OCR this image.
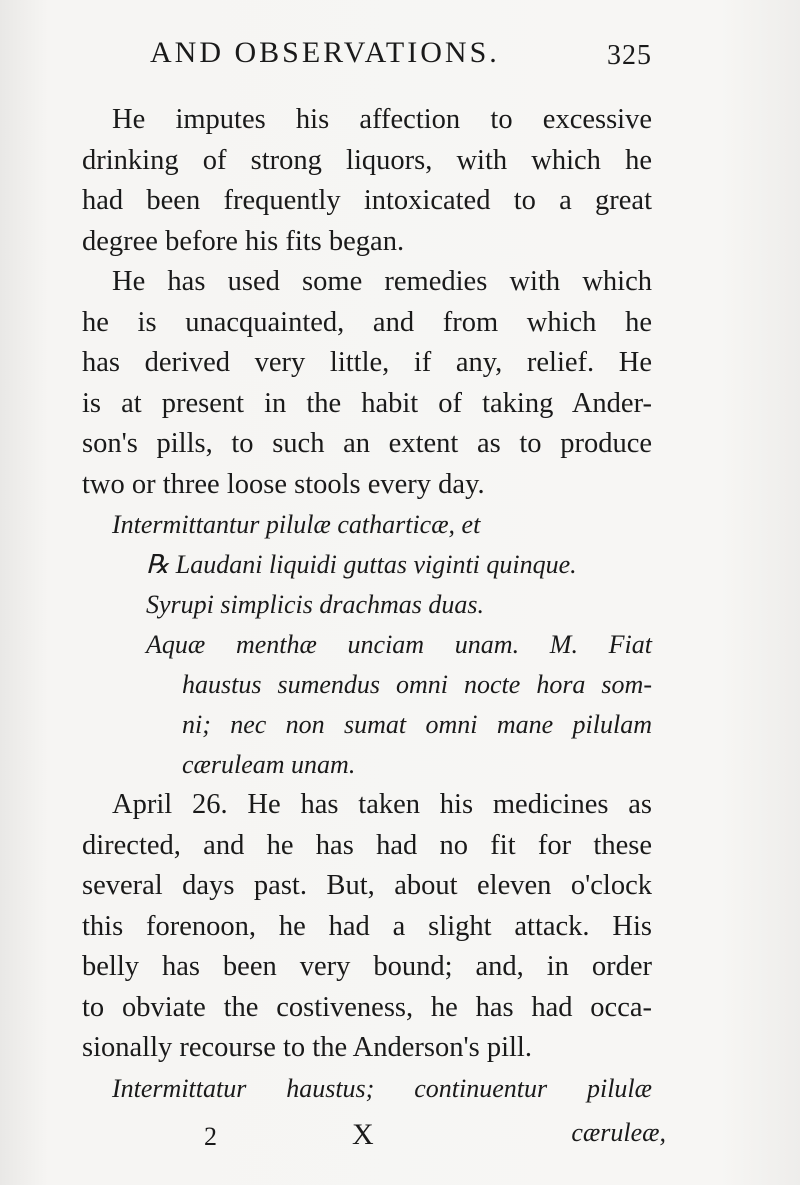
AND OBSERVATIONS.	325
He imputes his affection to excessive
drinking of strong liquors, with which he
had been frequently intoxicated to a great
degree before his fits began.
He has used some remedies with which
he is unacquainted, and from which he
has derived very little, if any, relief. He
is at present in the habit of taking Ander-
son's pills, to such an extent as to produce
two or three loose stools every day.
Intermittantur pilulæ catharticæ, et
℞ Laudani liquidi guttas viginti quinque.
Syrupi simplicis drachmas duas.
Aquæ menthæ unciam unam. M. Fiat
haustus sumendus omni nocte hora som-
ni; nec non sumat omni mane pilulam
cæruleam unam.
April 26. He has taken his medicines as
directed, and he has had no fit for these
several days past. But, about eleven o'clock
this forenoon, he had a slight attack. His
belly has been very bound; and, in order
to obviate the costiveness, he has had occa-
sionally recourse to the Anderson's pill.
Intermittatur haustus; continuentur pilulæ
2	X	cæruleæ,
